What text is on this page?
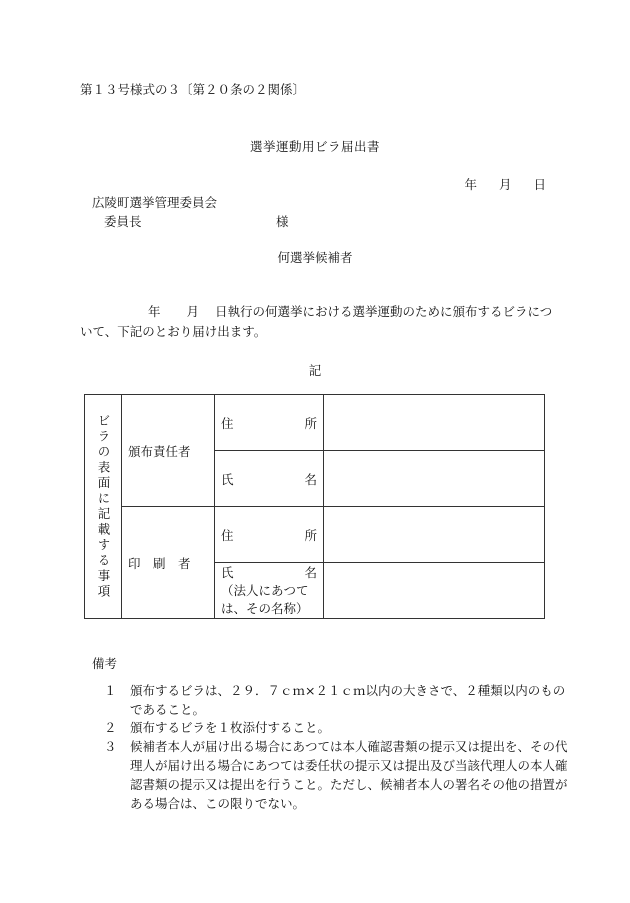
第１３号様式の３〔第２０条の２関係〕
選挙運動用ビラ届出書
年 月 日
広陵町選挙管理委員会
委員長	様
何選挙候補者
年 月 日執行の何選挙における選挙運動のために頒布するビラについて、下記のとおり届け出ます。
記
ビラの表面に記載する事項	頒布責任者	住 所	

		氏 名	

	印　刷　者	住 所	

		氏 名
（法人にあつては、その名称）	

備考
１ 頒布するビラは、２９．７ｃｍ×２１ｃｍ以内の大きさで、２種類以内のものであること。
２ 頒布するビラを１枚添付すること。
３ 候補者本人が届け出る場合にあつては本人確認書類の提示又は提出を、その代理人が届け出る場合にあつては委任状の提示又は提出及び当該代理人の本人確認書類の提示又は提出を行うこと。ただし、候補者本人の署名その他の措置がある場合は、この限りでない。
